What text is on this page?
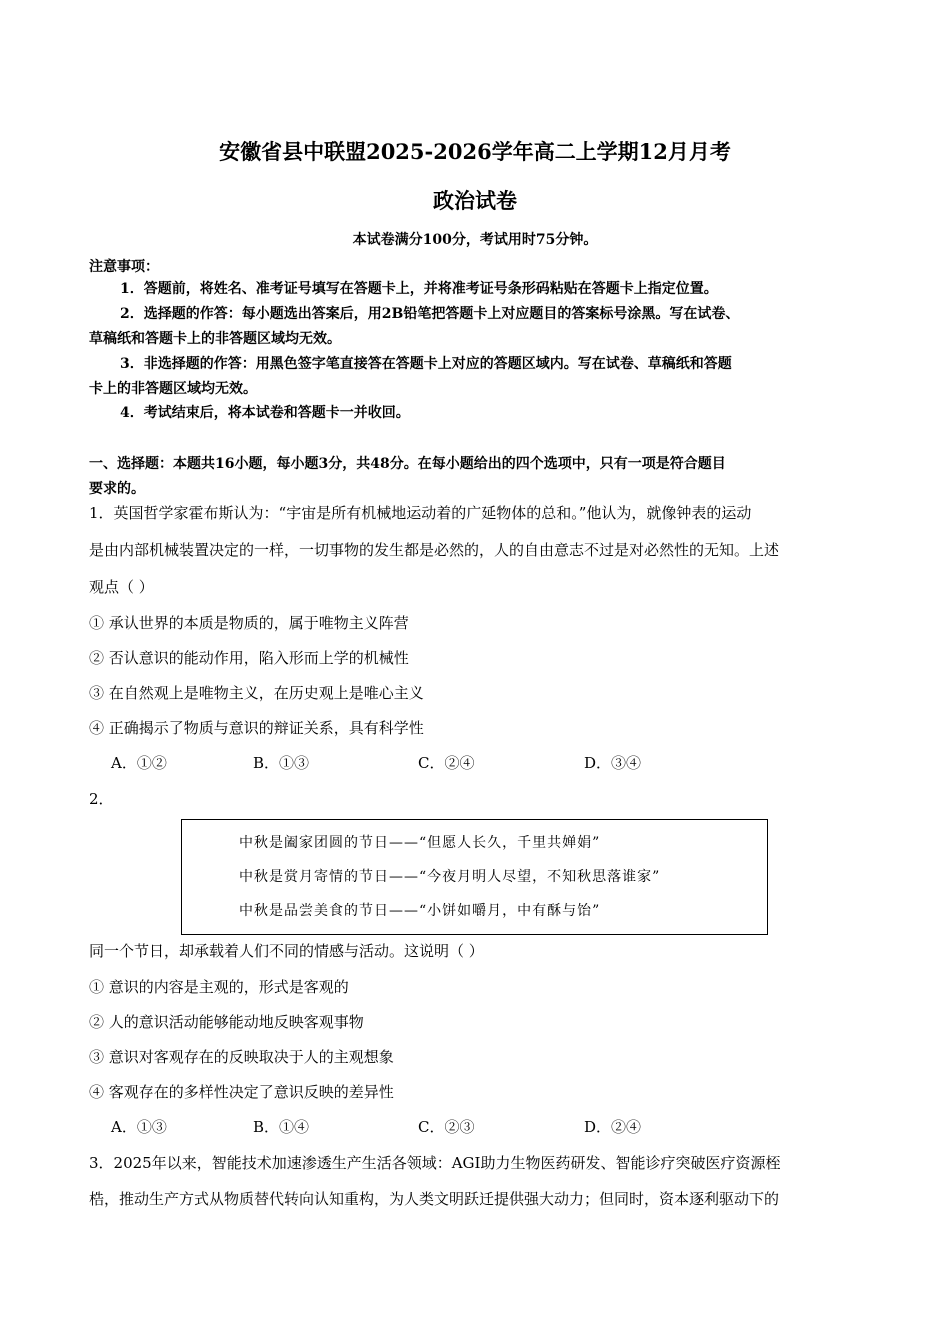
安徽省县中联盟2025-2026学年高二上学期12月月考
政治试卷
本试卷满分100分，考试用时75分钟。
注意事项：
1．答题前，将姓名、准考证号填写在答题卡上，并将准考证号条形码粘贴在答题卡上指定位置。
2．选择题的作答：每小题选出答案后，用2B铅笔把答题卡上对应题目的答案标号涂黑。写在试卷、
草稿纸和答题卡上的非答题区域均无效。
3．非选择题的作答：用黑色签字笔直接答在答题卡上对应的答题区域内。写在试卷、草稿纸和答题
卡上的非答题区域均无效。
4．考试结束后，将本试卷和答题卡一并收回。
一、选择题：本题共16小题，每小题3分，共48分。在每小题给出的四个选项中，只有一项是符合题目
要求的。
1．英国哲学家霍布斯认为：“宇宙是所有机械地运动着的广延物体的总和。”他认为，就像钟表的运动
是由内部机械装置决定的一样，一切事物的发生都是必然的，人的自由意志不过是对必然性的无知。上述
观点（ ）
① 承认世界的本质是物质的，属于唯物主义阵营
② 否认意识的能动作用，陷入形而上学的机械性
③ 在自然观上是唯物主义，在历史观上是唯心主义
④ 正确揭示了物质与意识的辩证关系，具有科学性
A．①②	B．①③	C．②④	D．③④
2．
中秋是阖家团圆的节日——“但愿人长久，千里共婵娟”
中秋是赏月寄情的节日——“今夜月明人尽望，不知秋思落谁家”
中秋是品尝美食的节日——“小饼如嚼月，中有酥与饴”
同一个节日，却承载着人们不同的情感与活动。这说明（ ）
① 意识的内容是主观的，形式是客观的
② 人的意识活动能够能动地反映客观事物
③ 意识对客观存在的反映取决于人的主观想象
④ 客观存在的多样性决定了意识反映的差异性
A．①③	B．①④	C．②③	D．②④
3．2025年以来，智能技术加速渗透生产生活各领域：AGI助力生物医药研发、智能诊疗突破医疗资源桎
梏，推动生产方式从物质替代转向认知重构，为人类文明跃迁提供强大动力；但同时，资本逐利驱动下的
